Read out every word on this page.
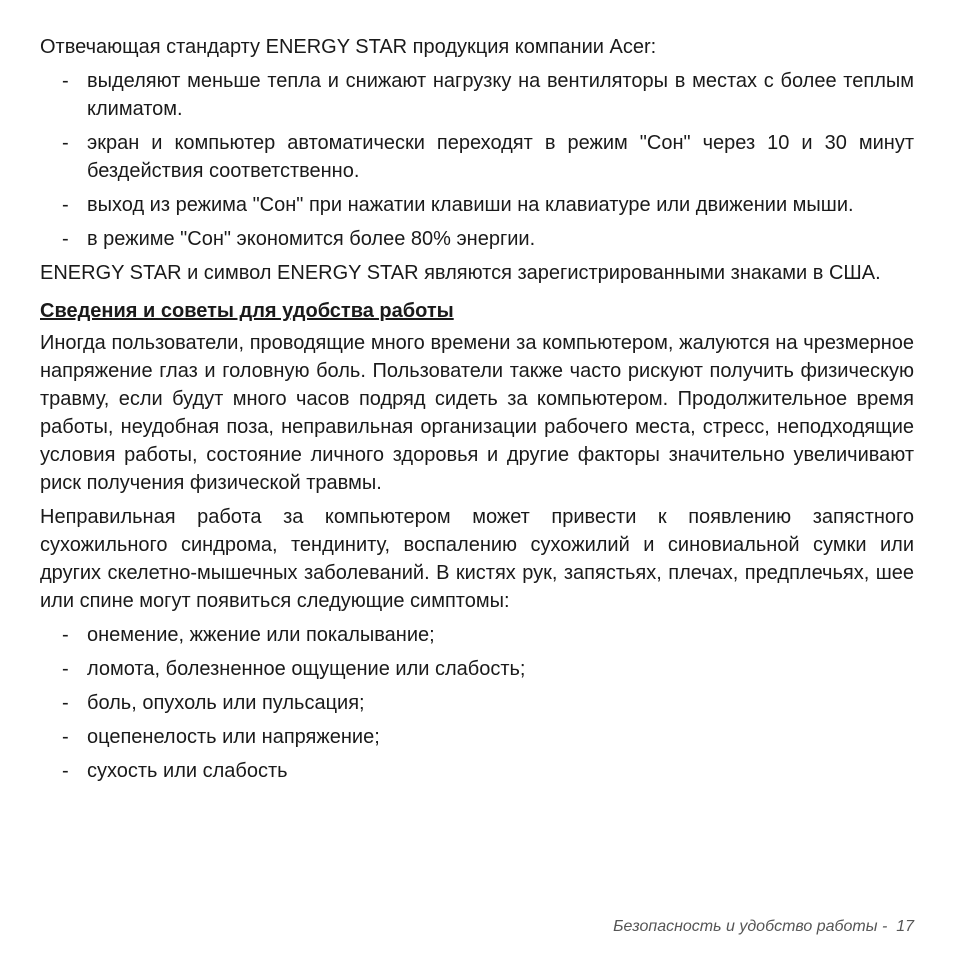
Отвечающая стандарту ENERGY STAR продукция компании Acer:

- выделяют меньше тепла и снижают нагрузку на вентиляторы в местах с более теплым климатом.
- экран и компьютер автоматически переходят в режим "Сон" через 10 и 30 минут бездействия соответственно.
- выход из режима "Сон" при нажатии клавиши на клавиатуре или движении мыши.
- в режиме "Сон" экономится более 80% энергии.

ENERGY STAR и символ ENERGY STAR являются зарегистрированными знаками в США.

Сведения и советы для удобства работы

Иногда пользователи, проводящие много времени за компьютером, жалуются на чрезмерное напряжение глаз и головную боль. Пользователи также часто рискуют получить физическую травму, если будут много часов подряд сидеть за компьютером. Продолжительное время работы, неудобная поза, неправильная организации рабочего места, стресс, неподходящие условия работы, состояние личного здоровья и другие факторы значительно увеличивают риск получения физической травмы.

Неправильная работа за компьютером может привести к появлению запястного сухожильного синдрома, тендиниту, воспалению сухожилий и синовиальной сумки или других скелетно-мышечных заболеваний. В кистях рук, запястьях, плечах, предплечьях, шее или спине могут появиться следующие симптомы:

- онемение, жжение или покалывание;
- ломота, болезненное ощущение или слабость;
- боль, опухоль или пульсация;
- оцепенелость или напряжение;
- сухость или слабость
Безопасность и удобство работы - 17
